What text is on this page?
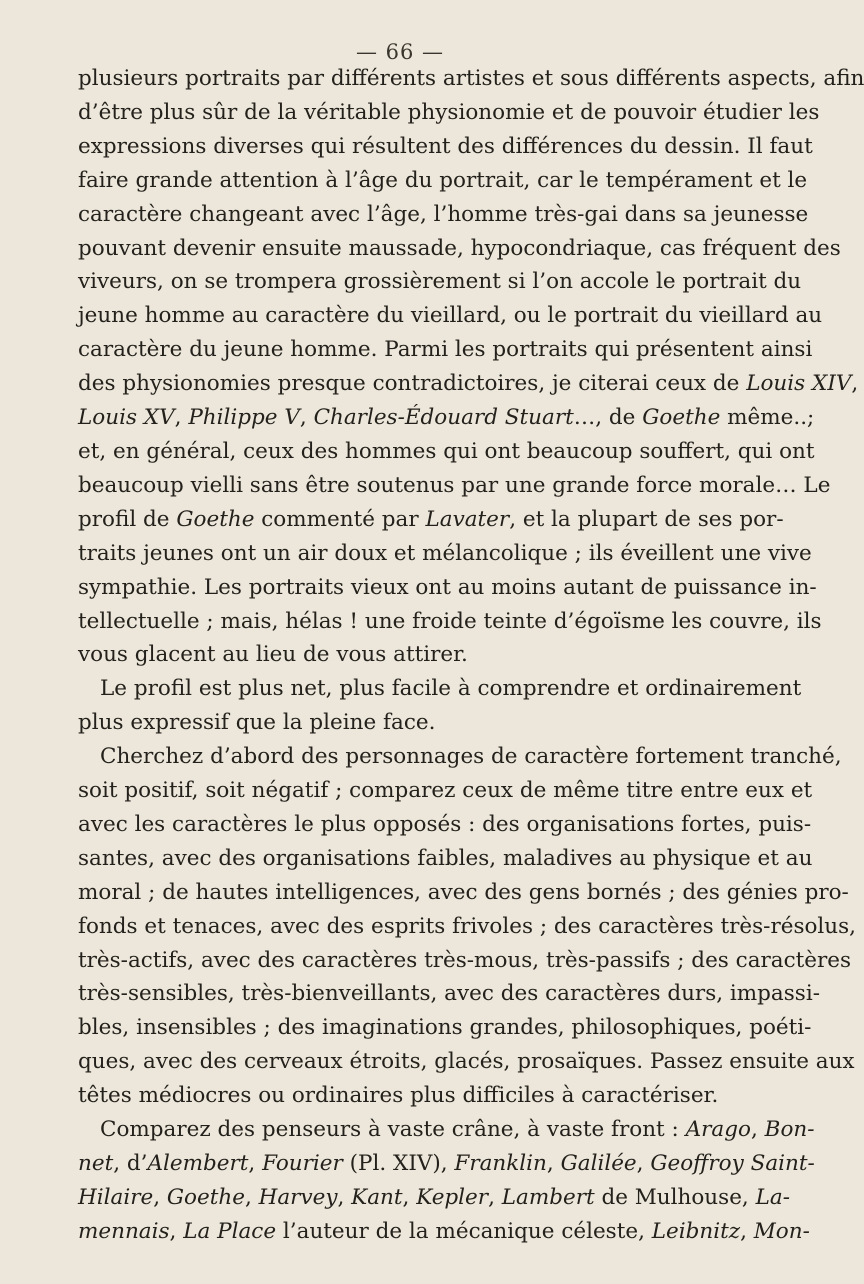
— 66 —
plusieurs portraits par différents artistes et sous différents aspects, afin
d’être plus sûr de la véritable physionomie et de pouvoir étudier les
expressions diverses qui résultent des différences du dessin. Il faut
faire grande attention à l’âge du portrait, car le tempérament et le
caractère changeant avec l’âge, l’homme très-gai dans sa jeunesse
pouvant devenir ensuite maussade, hypocondriaque, cas fréquent des
viveurs, on se trompera grossièrement si l’on accole le portrait du
jeune homme au caractère du vieillard, ou le portrait du vieillard au
caractère du jeune homme. Parmi les portraits qui présentent ainsi
des physionomies presque contradictoires, je citerai ceux de Louis XIV,
Louis XV, Philippe V, Charles-Édouard Stuart…, de Goethe même..;
et, en général, ceux des hommes qui ont beaucoup souffert, qui ont
beaucoup vielli sans être soutenus par une grande force morale… Le
profil de Goethe commenté par Lavater, et la plupart de ses por-
traits jeunes ont un air doux et mélancolique ; ils éveillent une vive
sympathie. Les portraits vieux ont au moins autant de puissance in-
tellectuelle ; mais, hélas ! une froide teinte d’égoïsme les couvre, ils
vous glacent au lieu de vous attirer.
Le profil est plus net, plus facile à comprendre et ordinairement
plus expressif que la pleine face.
Cherchez d’abord des personnages de caractère fortement tranché,
soit positif, soit négatif ; comparez ceux de même titre entre eux et
avec les caractères le plus opposés : des organisations fortes, puis-
santes, avec des organisations faibles, maladives au physique et au
moral ; de hautes intelligences, avec des gens bornés ; des génies pro-
fonds et tenaces, avec des esprits frivoles ; des caractères très-résolus,
très-actifs, avec des caractères très-mous, très-passifs ; des caractères
très-sensibles, très-bienveillants, avec des caractères durs, impassi-
bles, insensibles ; des imaginations grandes, philosophiques, poéti-
ques, avec des cerveaux étroits, glacés, prosaïques. Passez ensuite aux
têtes médiocres ou ordinaires plus difficiles à caractériser.
Comparez des penseurs à vaste crâne, à vaste front : Arago, Bon-
net, d’Alembert, Fourier (Pl. XIV), Franklin, Galilée, Geoffroy Saint-
Hilaire, Goethe, Harvey, Kant, Kepler, Lambert de Mulhouse, La-
mennais, La Place l’auteur de la mécanique céleste, Leibnitz, Mon-
